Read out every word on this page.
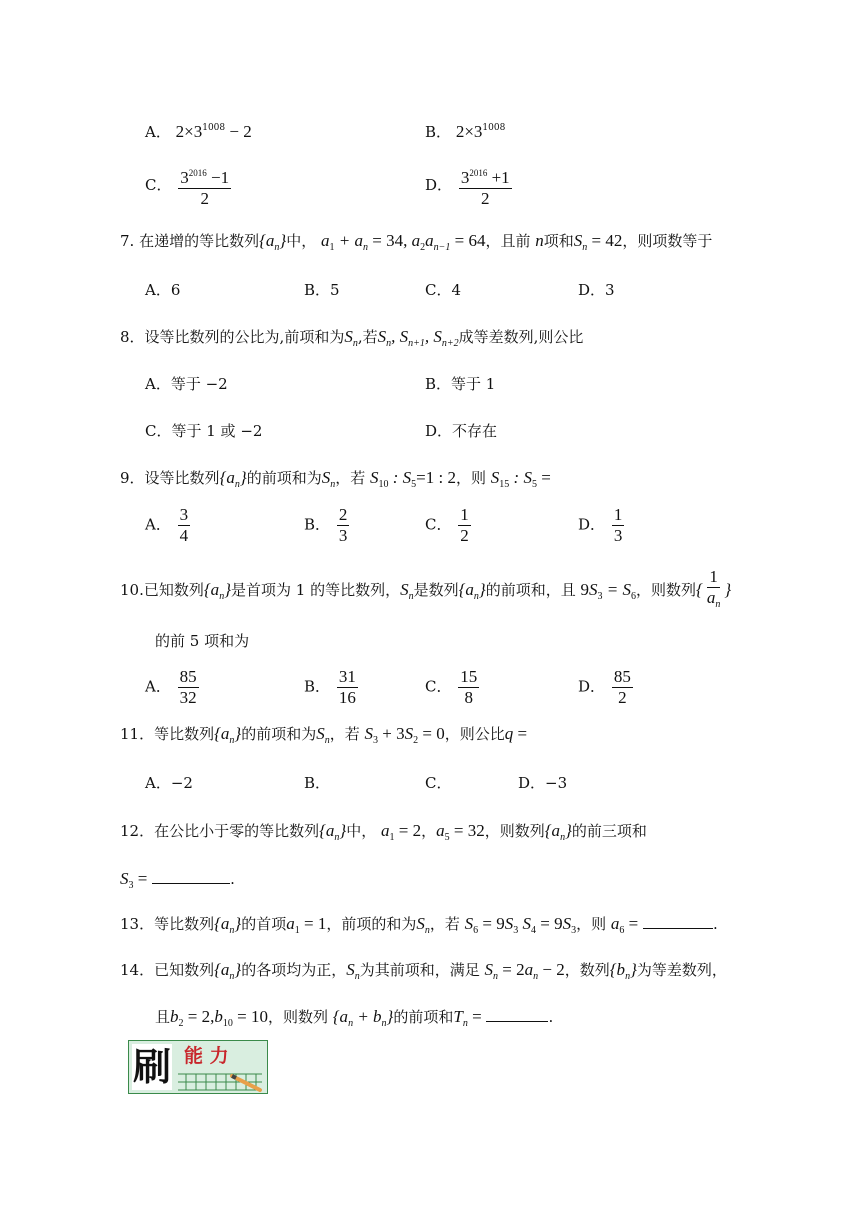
A． $2\times 3^{1008} - 2$	B． $2\times 3^{1008}$
C． $\frac{3^{2016} -1}{2}$	D． $\frac{3^{2016} +1}{2}$
7. 在递增的等比数列$\{a_n\}$中， $a_1 + a_n = 34$, $a_2a_{n-1} = 64$，且前 n项和$S_n = 42$，则项数等于
A．6	B．5	C．4	D．3
8．设等比数列的公比为,前项和为$S_n$,若$S_n$, $S_{n+1}$, $S_{n+2}$成等差数列,则公比
A．等于 −2	B．等于 1
C．等于 1 或 −2	D．不存在
9．设等比数列$\{a_n\}$的前项和为$S_n$，若 $S_{10}$ : $S_5=1$ : 2，则 $S_{15}$ : $S_5$ =
A． $\frac{3}{4}$	B． $\frac{2}{3}$	C． $\frac{1}{2}$	D． $\frac{1}{3}$
10.已知数列$\{a_n\}$是首项为 1 的等比数列，$S_n$是数列$\{a_n\}$的前项和，且 $9S_3 = S_6$，则数列{ $\frac{1}{a_n}$ }
的前 5 项和为
A． $\frac{85}{32}$	B． $\frac{31}{16}$	C． $\frac{15}{8}$	D． $\frac{85}{2}$
11．等比数列$\{a_n\}$的前项和为$S_n$，若 $S_3 + 3S_2 = 0$，则公比q =
A．−2	B．	C．	D．−3
12．在公比小于零的等比数列$\{a_n\}$中， $a_1 = 2$，$a_5 = 32$，则数列$\{a_n\}$的前三项和
$S_3$ =	.
13．等比数列$\{a_n\}$的首项$a_1 = 1$，前项的和为$S_n$，若 $S_6 = 9S_3$ $S_4 = 9S_3$，则 $a_6$ =	.
14．已知数列$\{a_n\}$的各项均为正，$S_n$为其前项和，满足 $S_n = 2a_n - 2$，数列$\{b_n\}$为等差数列，
且$b_2 = 2,b_{10} = 10$，则数列 $\{a_n + b_n\}$的前项和$T_n$ =	.
刷 能 力
